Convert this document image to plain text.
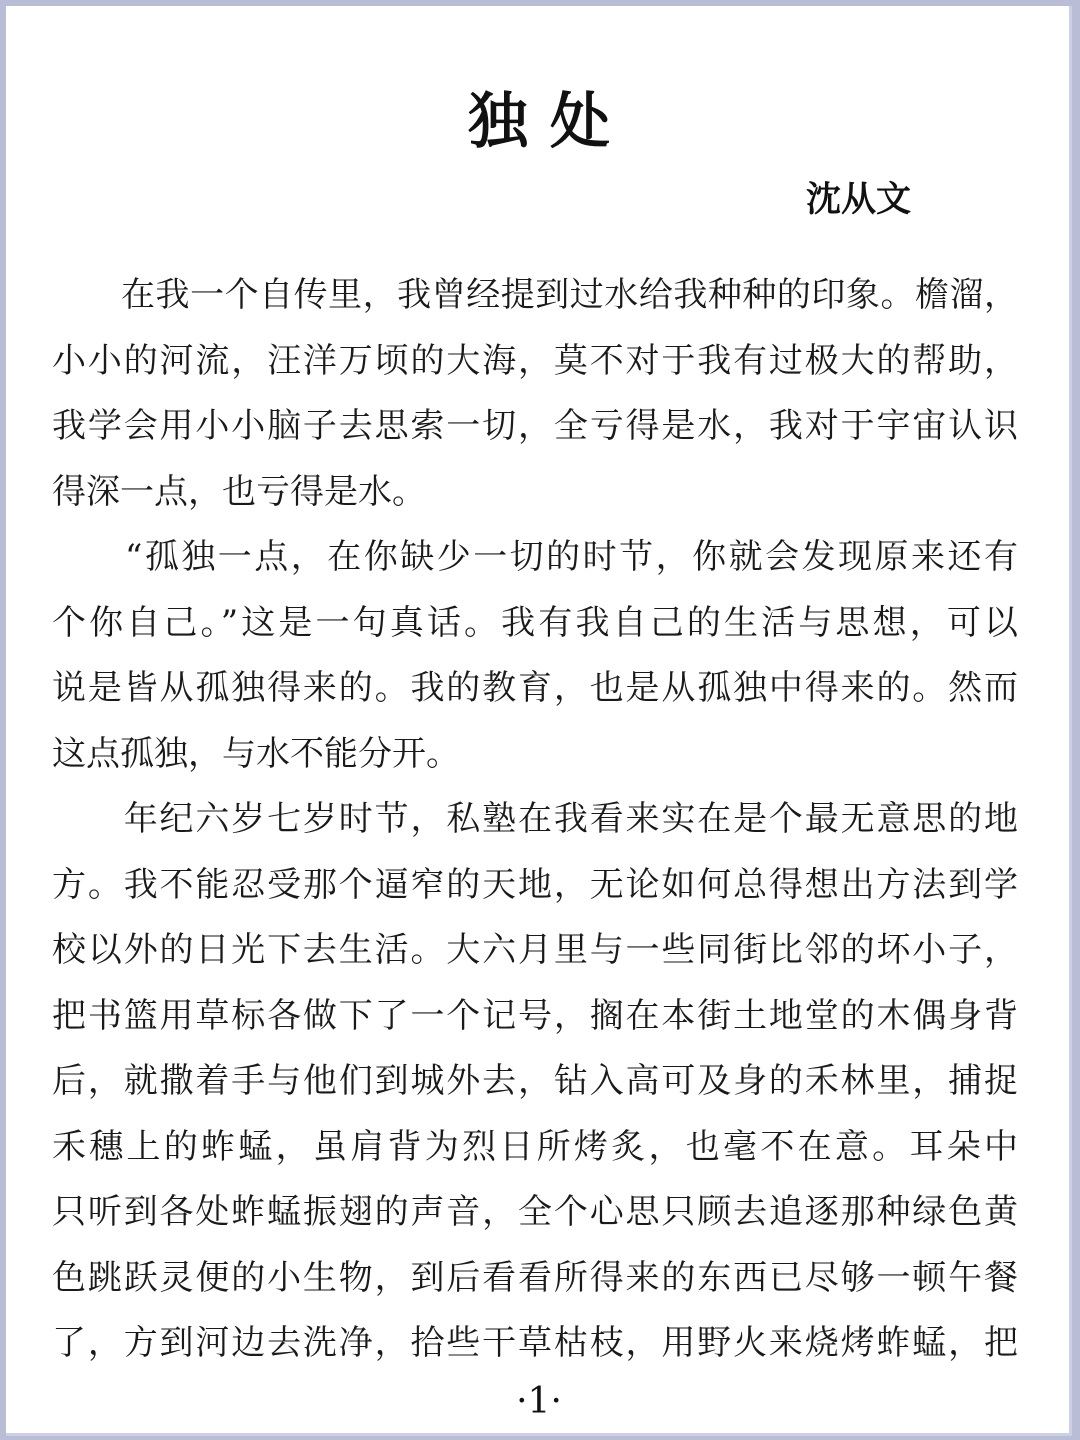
独处
沈从文
　　在我一个自传里，我曾经提到过水给我种种的印象。檐溜，
小小的河流，汪洋万顷的大海，莫不对于我有过极大的帮助，
我学会用小小脑子去思索一切，全亏得是水，我对于宇宙认识
得深一点，也亏得是水。
　　“孤独一点，在你缺少一切的时节，你就会发现原来还有
个你自己。”这是一句真话。我有我自己的生活与思想，可以
说是皆从孤独得来的。我的教育，也是从孤独中得来的。然而
这点孤独，与水不能分开。
　　年纪六岁七岁时节，私塾在我看来实在是个最无意思的地
方。我不能忍受那个逼窄的天地，无论如何总得想出方法到学
校以外的日光下去生活。大六月里与一些同街比邻的坏小子，
把书篮用草标各做下了一个记号，搁在本街土地堂的木偶身背
后，就撒着手与他们到城外去，钻入高可及身的禾林里，捕捉
禾穗上的蚱蜢，虽肩背为烈日所烤炙，也毫不在意。耳朵中
只听到各处蚱蜢振翅的声音，全个心思只顾去追逐那种绿色黄
色跳跃灵便的小生物，到后看看所得来的东西已尽够一顿午餐
了，方到河边去洗净，拾些干草枯枝，用野火来烧烤蚱蜢，把
·1·
